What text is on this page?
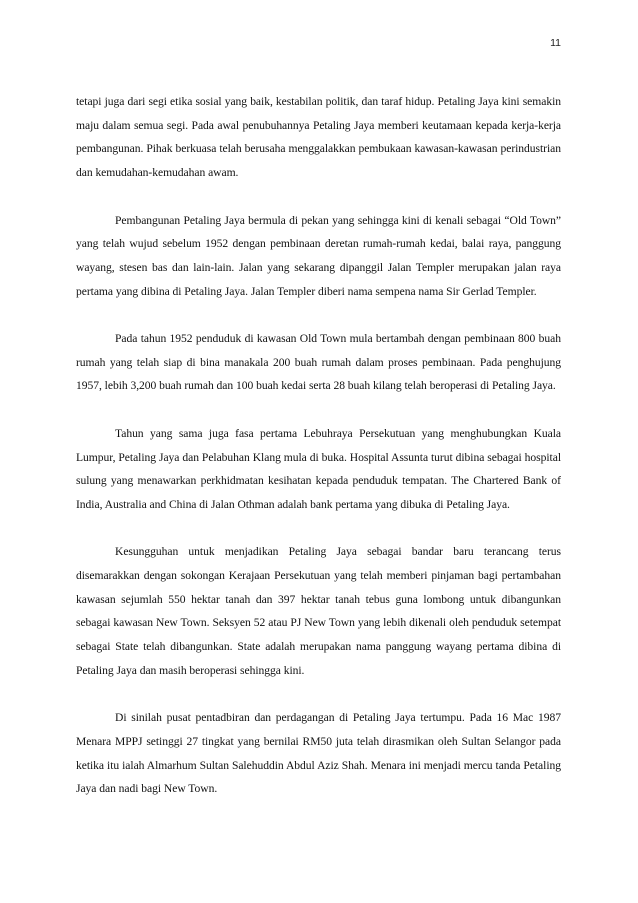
11

tetapi juga dari segi etika sosial yang baik, kestabilan politik, dan taraf hidup. Petaling Jaya kini semakin maju dalam semua segi. Pada awal penubuhannya Petaling Jaya memberi keutamaan kepada kerja-kerja pembangunan. Pihak berkuasa telah berusaha menggalakkan pembukaan kawasan-kawasan perindustrian dan kemudahan-kemudahan awam.

Pembangunan Petaling Jaya bermula di pekan yang sehingga kini di kenali sebagai “Old Town” yang telah wujud sebelum 1952 dengan pembinaan deretan rumah-rumah kedai, balai raya, panggung wayang, stesen bas dan lain-lain. Jalan yang sekarang dipanggil Jalan Templer merupakan jalan raya pertama yang dibina di Petaling Jaya. Jalan Templer diberi nama sempena nama Sir Gerlad Templer.

Pada tahun 1952 penduduk di kawasan Old Town mula bertambah dengan pembinaan 800 buah rumah yang telah siap di bina manakala 200 buah rumah dalam proses pembinaan. Pada penghujung 1957, lebih 3,200 buah rumah dan 100 buah kedai serta 28 buah kilang telah beroperasi di Petaling Jaya.

Tahun yang sama juga fasa pertama Lebuhraya Persekutuan yang menghubungkan Kuala Lumpur, Petaling Jaya dan Pelabuhan Klang mula di buka. Hospital Assunta turut dibina sebagai hospital sulung yang menawarkan perkhidmatan kesihatan kepada penduduk tempatan. The Chartered Bank of India, Australia and China di Jalan Othman adalah bank pertama yang dibuka di Petaling Jaya.

Kesungguhan untuk menjadikan Petaling Jaya sebagai bandar baru terancang terus disemarakkan dengan sokongan Kerajaan Persekutuan yang telah memberi pinjaman bagi pertambahan kawasan sejumlah 550 hektar tanah dan 397 hektar tanah tebus guna lombong untuk dibangunkan sebagai kawasan New Town. Seksyen 52 atau PJ New Town yang lebih dikenali oleh penduduk setempat sebagai State telah dibangunkan. State adalah merupakan nama panggung wayang pertama dibina di Petaling Jaya dan masih beroperasi sehingga kini.

Di sinilah pusat pentadbiran dan perdagangan di Petaling Jaya tertumpu. Pada 16 Mac 1987 Menara MPPJ setinggi 27 tingkat yang bernilai RM50 juta telah dirasmikan oleh Sultan Selangor pada ketika itu ialah Almarhum Sultan Salehuddin Abdul Aziz Shah. Menara ini menjadi mercu tanda Petaling Jaya dan nadi bagi New Town.
